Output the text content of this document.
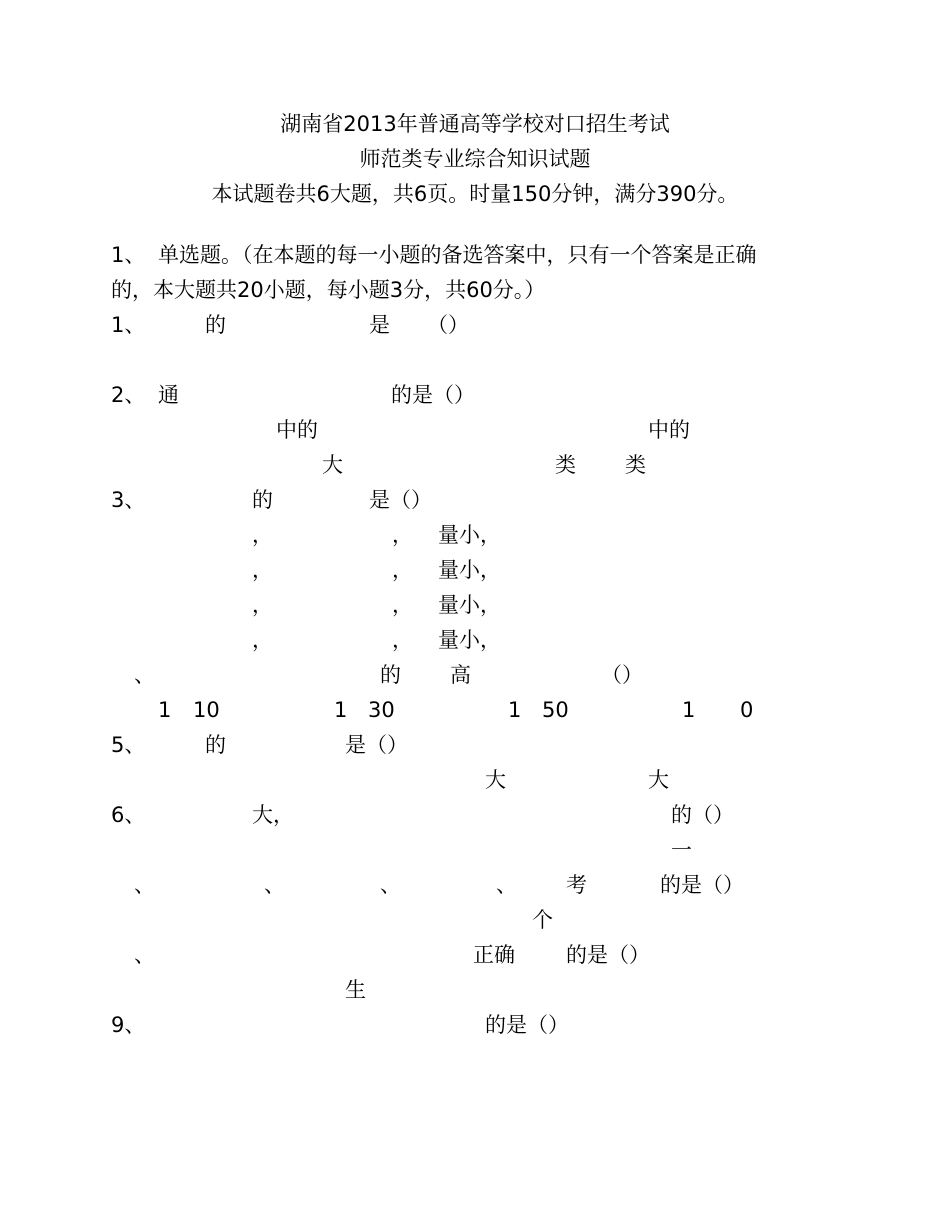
湖南省2013年普通高等学校对口招生考试
师范类专业综合知识试题
本试题卷共6大题，共6页。时量150分钟，满分390分。
1、 单选题。（在本题的每一小题的备选答案中，只有一个答案是正确
的，本大题共20小题，每小题3分，共60分。）
1、	的	是 （）
2、 通	的是（）
中的	中的
大	类 类
3、	的	是（）
，	， 量小，
，	， 量小，
，	， 量小，
，	， 量小，
、	的 高	（）
1 10	1 30	1 50	1 0
5、	的	是（）
大	大
6、	大，	的（）
一
、	、	、	、 考	的是（）
个
、	正确 的是（）
生
9、	的是（）
